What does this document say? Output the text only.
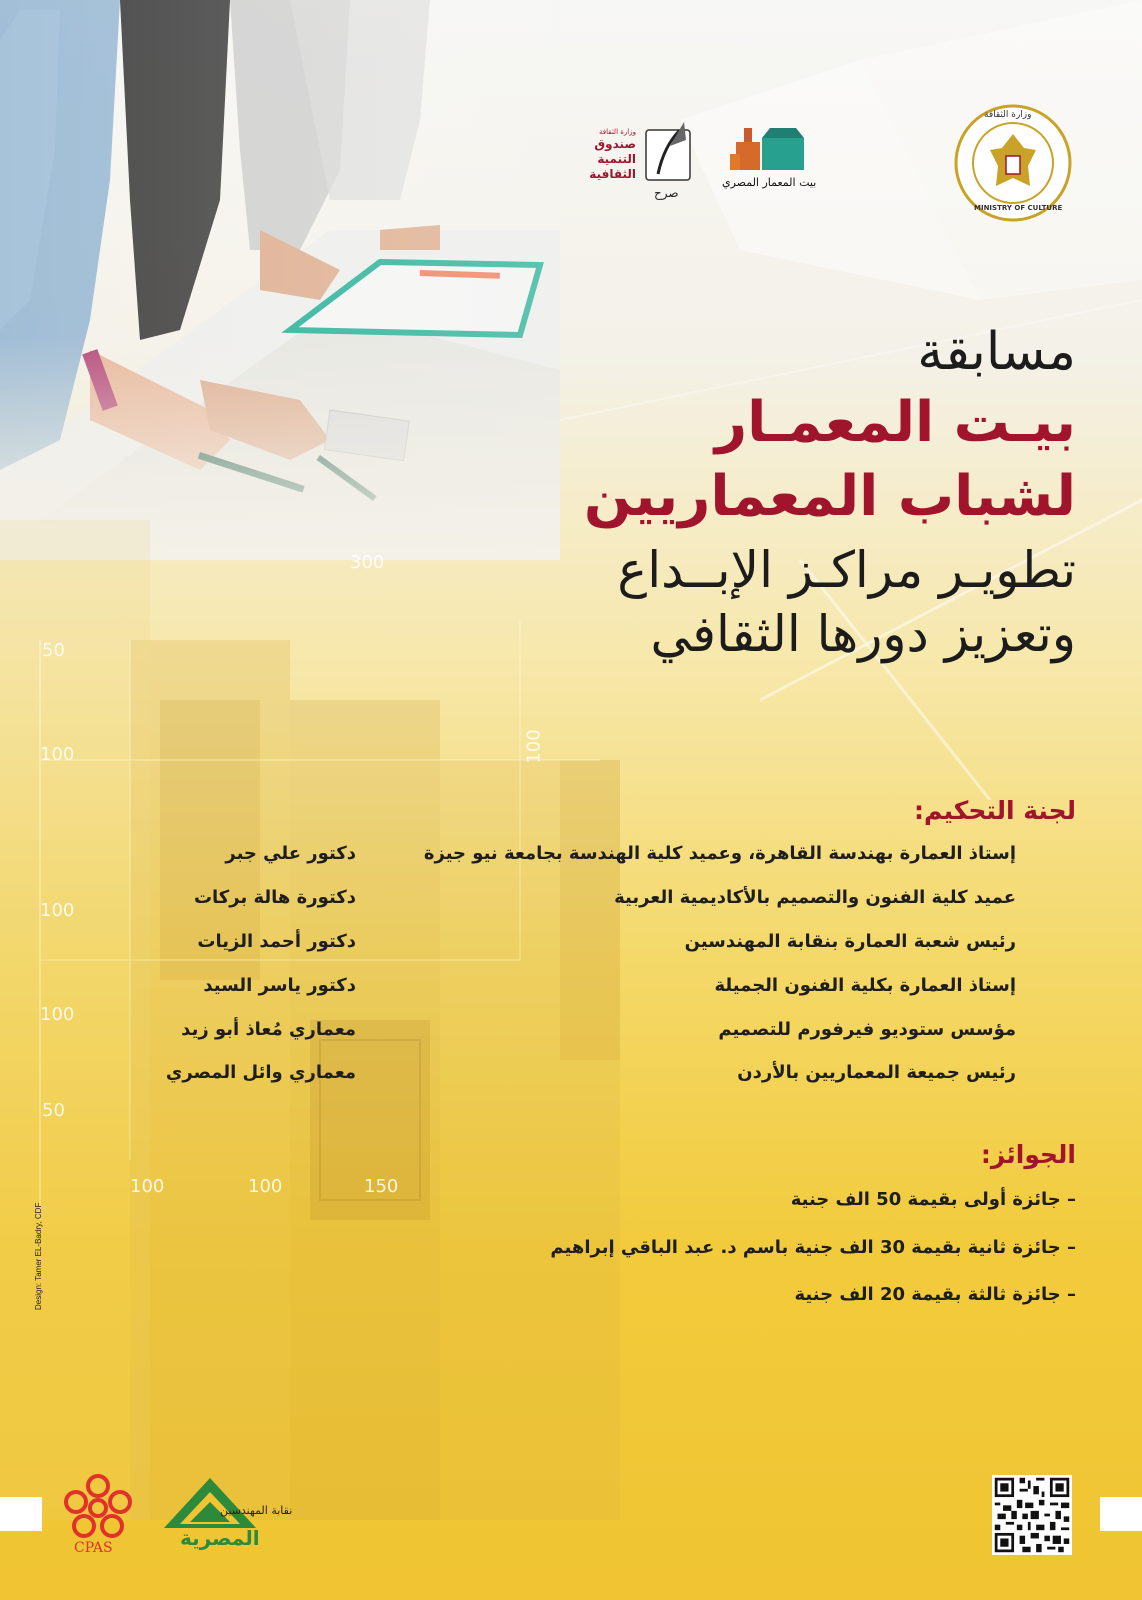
300
50
100	100
100
50
100
100	150
100
وزارة الثقافة
MINISTRY OF CULTURE
بيت المعمار المصري
صرح
وزارة الثقافة
صندوق
التنمية
الثقافية
مسابقة
بيـت المعمـار
لشباب المعماريين
تطويـر مراكـز الإبــداع
وتعزيز دورها الثقافي
لجنة التحكيم:
دكتور علي جبر	إستاذ العمارة بهندسة القاهرة، وعميد كلية الهندسة بجامعة نيو جيزة
دكتورة هالة بركات	عميد كلية الفنون والتصميم بالأكاديمية العربية
دكتور أحمد الزيات	رئيس شعبة العمارة بنقابة المهندسين
دكتور ياسر السيد	إستاذ العمارة بكلية الفنون الجميلة
معماري مُعاذ أبو زيد	مؤسس ستوديو فيرفورم للتصميم
معماري وائل المصري	رئيس جميعة المعماريين بالأردن
الجوائز:
– جائزة أولى بقيمة 50 الف جنية
– جائزة ثانية بقيمة 30 الف جنية باسم د. عبد الباقي إبراهيم
– جائزة ثالثة بقيمة 20 الف جنية
Design: Tamer EL-Badry, CDF
CPAS
نقابة المهندسين
المصرية
